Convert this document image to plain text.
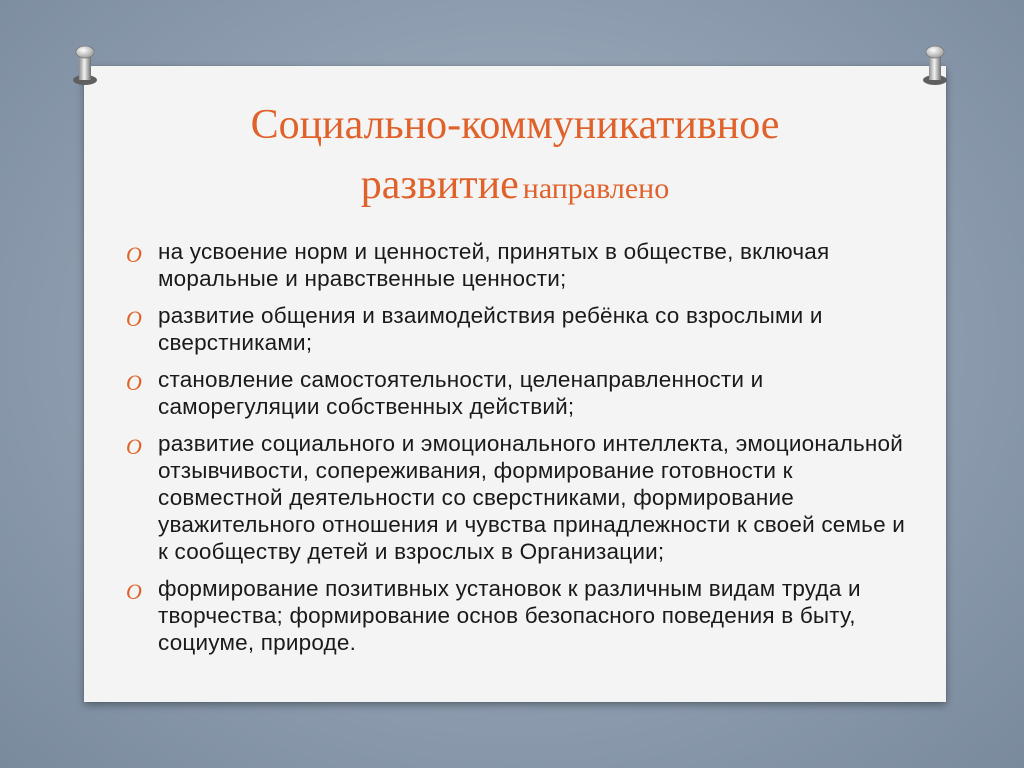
Социально-коммуникативное
развитие направлено
O на усвоение норм и ценностей, принятых в обществе, включая моральные и нравственные ценности;
O развитие общения и взаимодействия ребёнка со взрослыми и сверстниками;
O становление самостоятельности, целенаправленности и саморегуляции собственных действий;
O развитие социального и эмоционального интеллекта, эмоциональной отзывчивости, сопереживания, формирование готовности к совместной деятельности со сверстниками, формирование уважительного отношения и чувства принадлежности к своей семье и к сообществу детей и взрослых в Организации;
O формирование позитивных установок к различным видам труда и творчества; формирование основ безопасного поведения в быту, социуме, природе.
